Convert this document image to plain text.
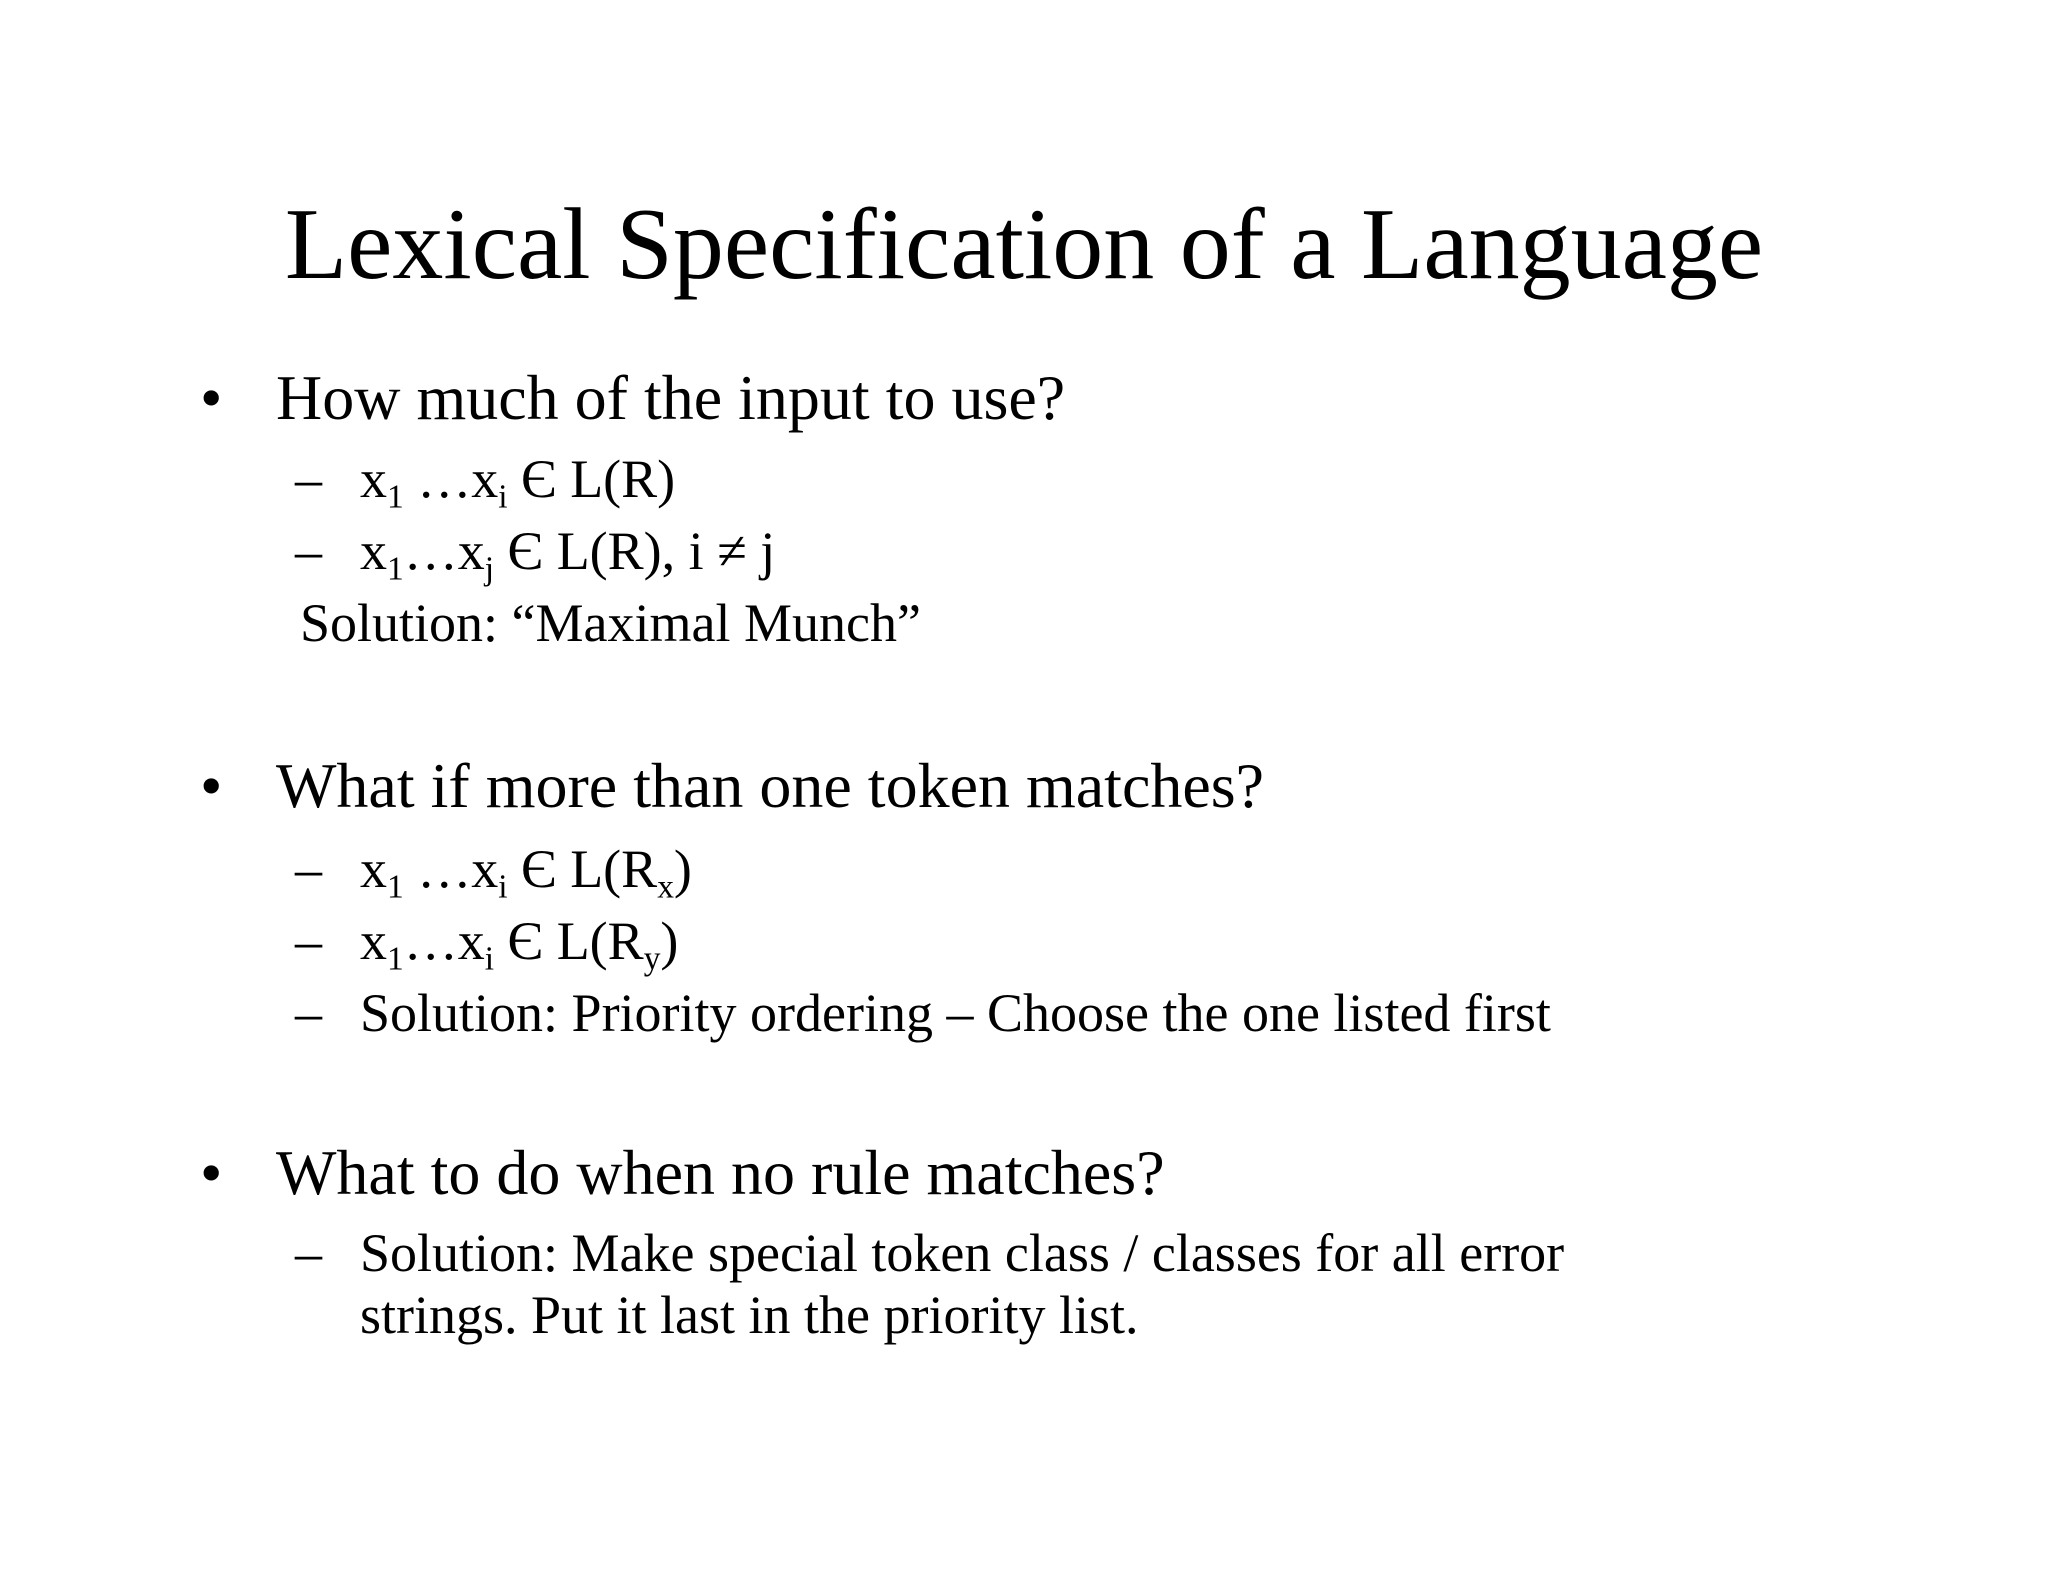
Lexical Specification of a Language
• How much of the input to use?
– $x_1$ $\dots x_i$ Є L(R)
– $x_1\dots x_j$ Є L(R), i ≠ j
Solution: “Maximal Munch”
• What if more than one token matches?
– $x_1$ $\dots x_i$ Є $L(R_x)$
– $x_1\dots x_i$ Є $L(R_y)$
– Solution: Priority ordering – Choose the one listed first
• What to do when no rule matches?
– Solution: Make special token class / classes for all error
strings. Put it last in the priority list.
